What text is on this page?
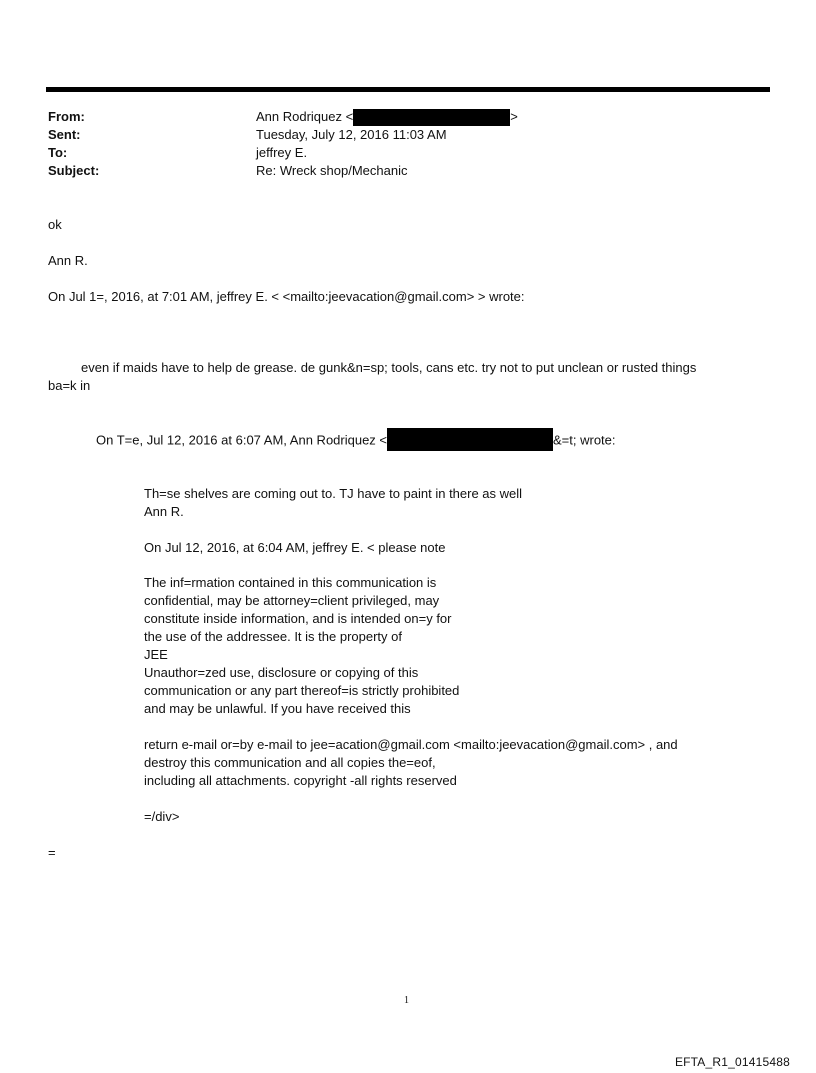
From:	Ann Rodriquez <	>
Sent:	Tuesday, July 12, 2016 11:03 AM
To:	jeffrey E.
Subject:	Re: Wreck shop/Mechanic
ok
Ann R.
On Jul 1=, 2016, at 7:01 AM, jeffrey E. < <mailto:jeevacation@gmail.com> > wrote:
even if maids have to help de grease. de gunk&n=sp; tools, cans etc. try not to put unclean or rusted things
ba=k in
On T=e, Jul 12, 2016 at 6:07 AM, Ann Rodriquez <	&=t; wrote:
Th=se shelves are coming out to. TJ have to paint in there as well
Ann R.
On Jul 12, 2016, at 6:04 AM, jeffrey E. < please note
The inf=rmation contained in this communication is
confidential, may be attorney=client privileged, may
constitute inside information, and is intended on=y for
the use of the addressee. It is the property of
JEE
Unauthor=zed use, disclosure or copying of this
communication or any part thereof=is strictly prohibited
and may be unlawful. If you have received this
return e-mail or=by e-mail to jee=acation@gmail.com <mailto:jeevacation@gmail.com> , and
destroy this communication and all copies the=eof,
including all attachments. copyright -all rights reserved
=/div>
=
1
EFTA_R1_01415488
